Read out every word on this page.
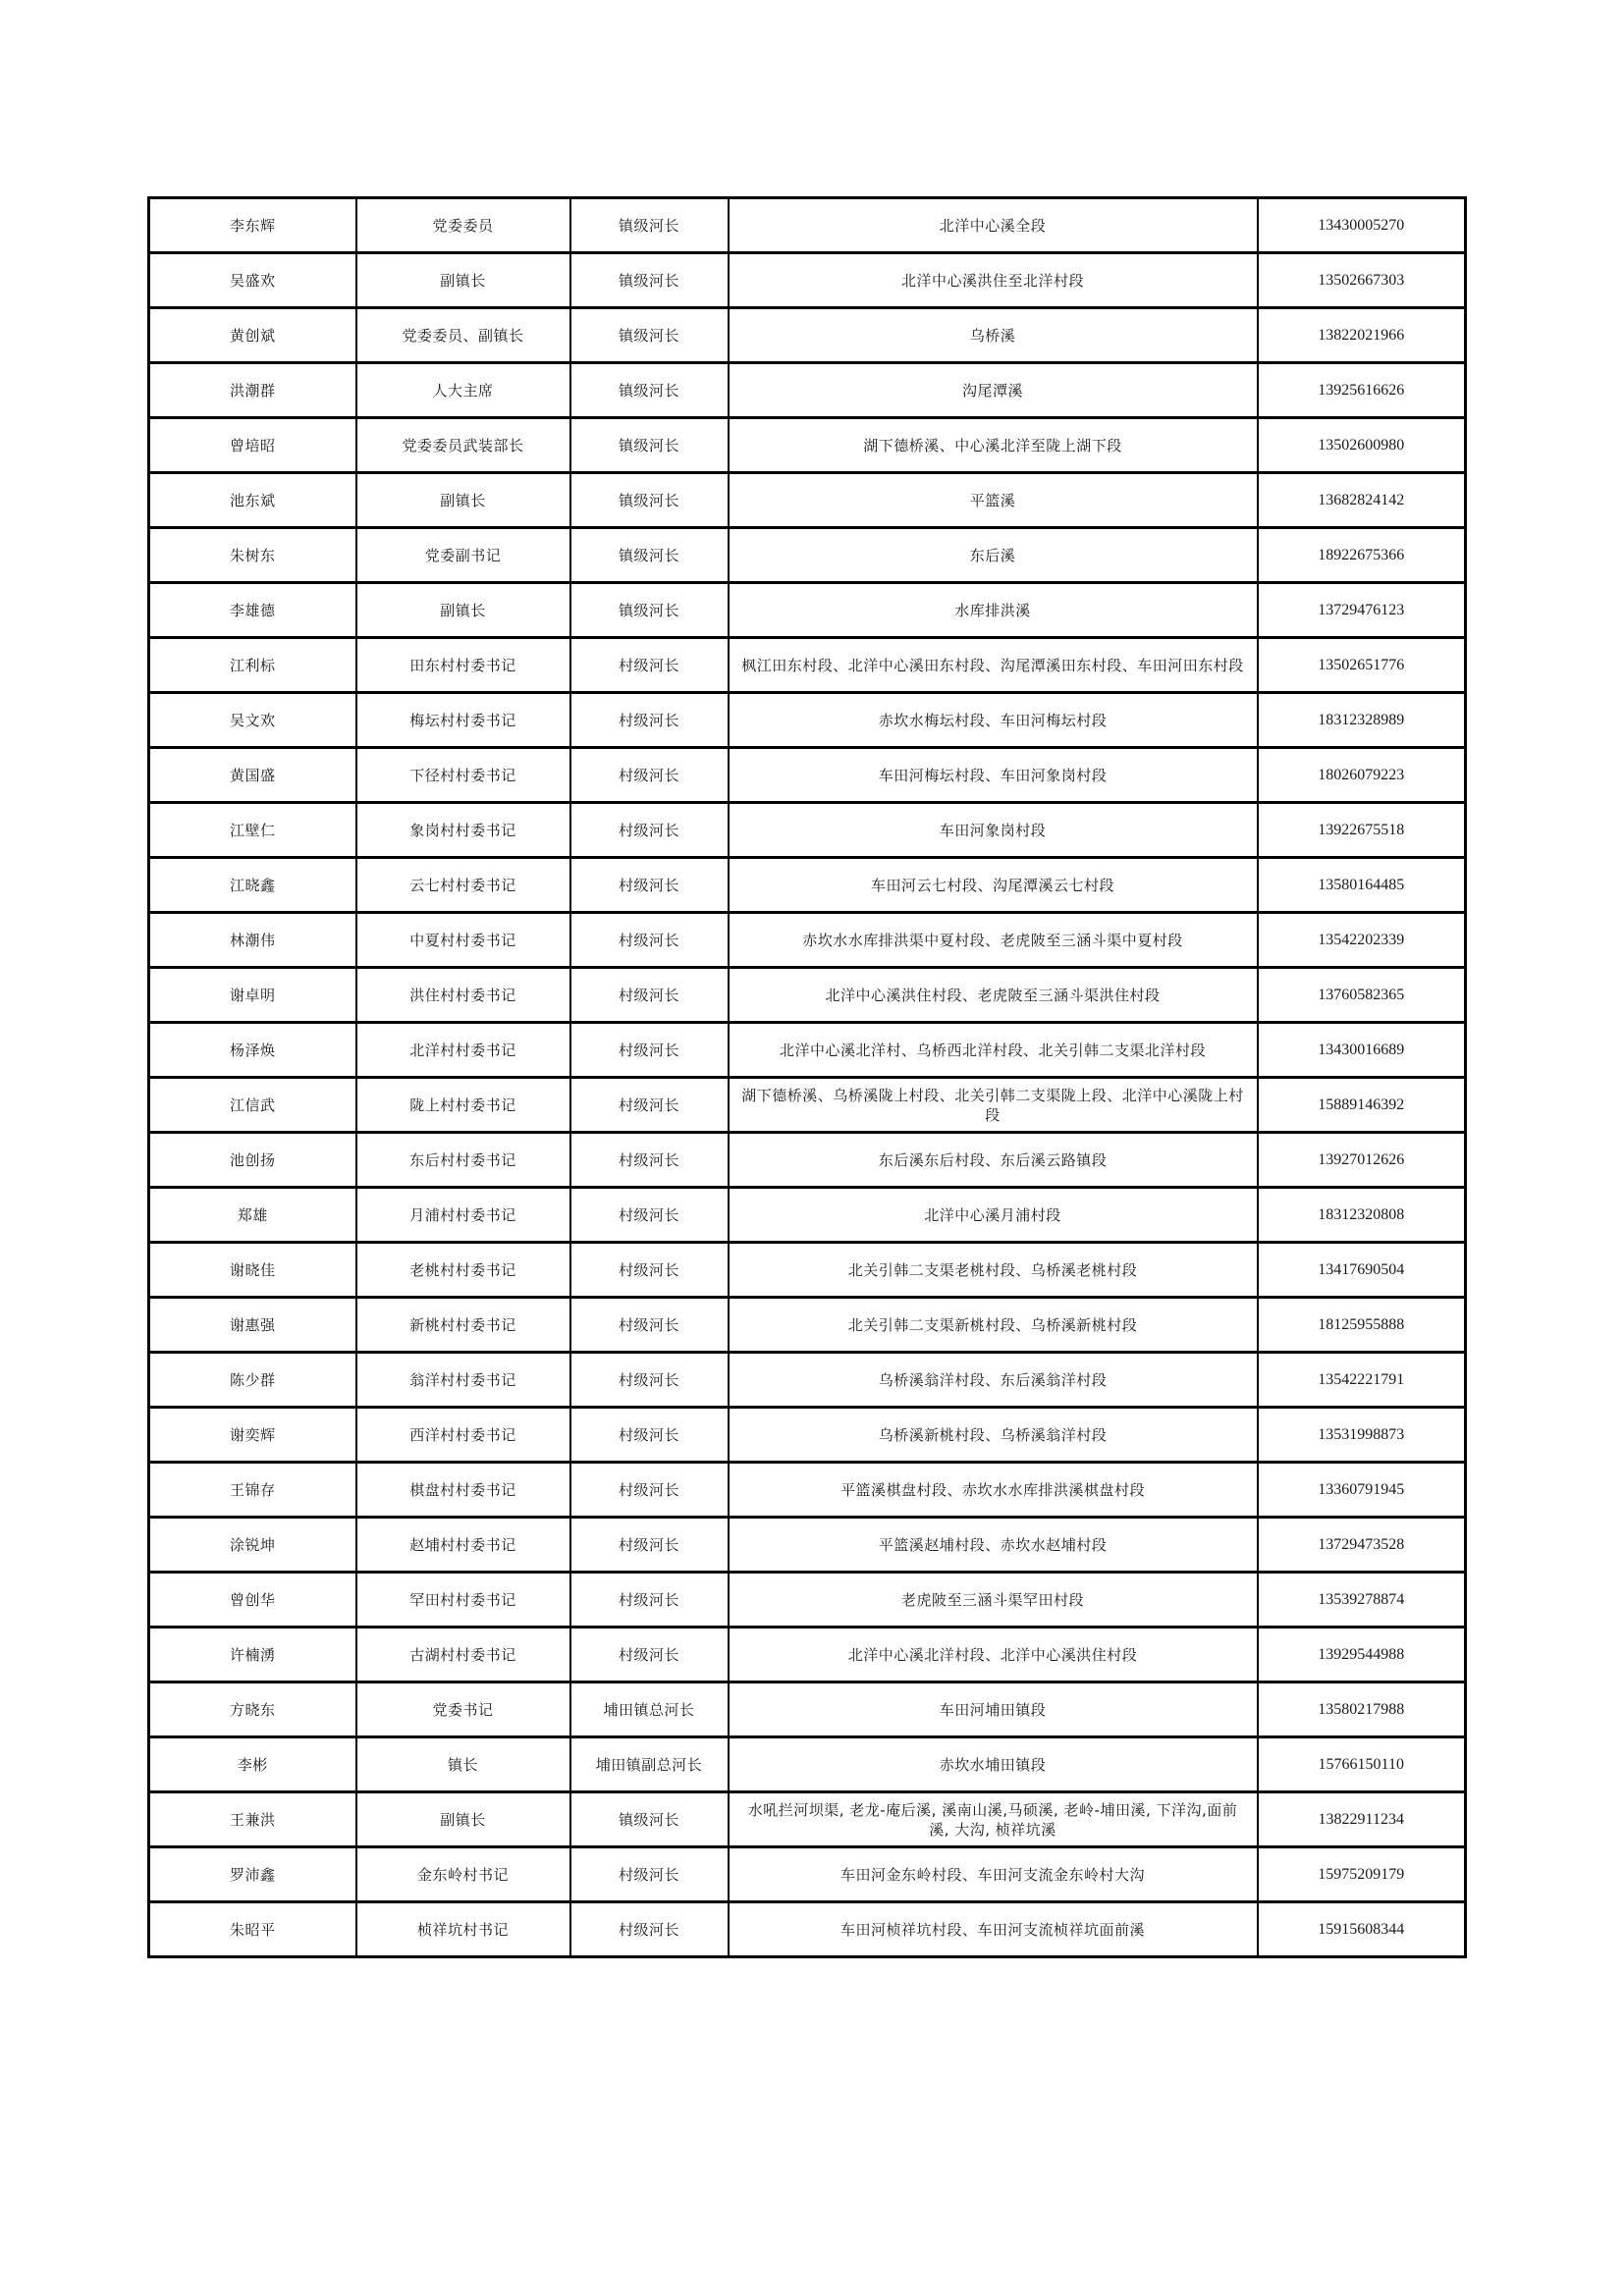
李东辉	党委委员	镇级河长	北洋中心溪全段	13430005270
吴盛欢	副镇长	镇级河长	北洋中心溪洪住至北洋村段	13502667303
黄创斌	党委委员、副镇长	镇级河长	乌桥溪	13822021966
洪潮群	人大主席	镇级河长	沟尾潭溪	13925616626
曾培昭	党委委员武装部长	镇级河长	湖下德桥溪、中心溪北洋至陇上湖下段	13502600980
池东斌	副镇长	镇级河长	平篮溪	13682824142
朱树东	党委副书记	镇级河长	东后溪	18922675366
李雄德	副镇长	镇级河长	水库排洪溪	13729476123
江利标	田东村村委书记	村级河长	枫江田东村段、北洋中心溪田东村段、沟尾潭溪田东村段、车田河田东村段	13502651776
吴文欢	梅坛村村委书记	村级河长	赤坎水梅坛村段、车田河梅坛村段	18312328989
黄国盛	下径村村委书记	村级河长	车田河梅坛村段、车田河象岗村段	18026079223
江壁仁	象岗村村委书记	村级河长	车田河象岗村段	13922675518
江晓鑫	云七村村委书记	村级河长	车田河云七村段、沟尾潭溪云七村段	13580164485
林潮伟	中夏村村委书记	村级河长	赤坎水水库排洪渠中夏村段、老虎陂至三涵斗渠中夏村段	13542202339
谢卓明	洪住村村委书记	村级河长	北洋中心溪洪住村段、老虎陂至三涵斗渠洪住村段	13760582365
杨泽焕	北洋村村委书记	村级河长	北洋中心溪北洋村、乌桥西北洋村段、北关引韩二支渠北洋村段	13430016689
江信武	陇上村村委书记	村级河长	湖下德桥溪、乌桥溪陇上村段、北关引韩二支渠陇上段、北洋中心溪陇上村段	15889146392
池创扬	东后村村委书记	村级河长	东后溪东后村段、东后溪云路镇段	13927012626
郑雄	月浦村村委书记	村级河长	北洋中心溪月浦村段	18312320808
谢晓佳	老桃村村委书记	村级河长	北关引韩二支渠老桃村段、乌桥溪老桃村段	13417690504
谢惠强	新桃村村委书记	村级河长	北关引韩二支渠新桃村段、乌桥溪新桃村段	18125955888
陈少群	翁洋村村委书记	村级河长	乌桥溪翁洋村段、东后溪翁洋村段	13542221791
谢奕辉	西洋村村委书记	村级河长	乌桥溪新桃村段、乌桥溪翁洋村段	13531998873
王锦存	棋盘村村委书记	村级河长	平篮溪棋盘村段、赤坎水水库排洪溪棋盘村段	13360791945
涂锐坤	赵埔村村委书记	村级河长	平篮溪赵埔村段、赤坎水赵埔村段	13729473528
曾创华	罕田村村委书记	村级河长	老虎陂至三涵斗渠罕田村段	13539278874
许楠湧	古湖村村委书记	村级河长	北洋中心溪北洋村段、北洋中心溪洪住村段	13929544988
方晓东	党委书记	埔田镇总河长	车田河埔田镇段	13580217988
李彬	镇长	埔田镇副总河长	赤坎水埔田镇段	15766150110
王兼洪	副镇长	镇级河长	水吼拦河坝渠, 老龙-庵后溪, 溪南山溪,马硕溪, 老岭-埔田溪, 下洋沟,面前溪, 大沟, 桢祥坑溪	13822911234
罗沛鑫	金东岭村书记	村级河长	车田河金东岭村段、车田河支流金东岭村大沟	15975209179
朱昭平	桢祥坑村书记	村级河长	车田河桢祥坑村段、车田河支流桢祥坑面前溪	15915608344
